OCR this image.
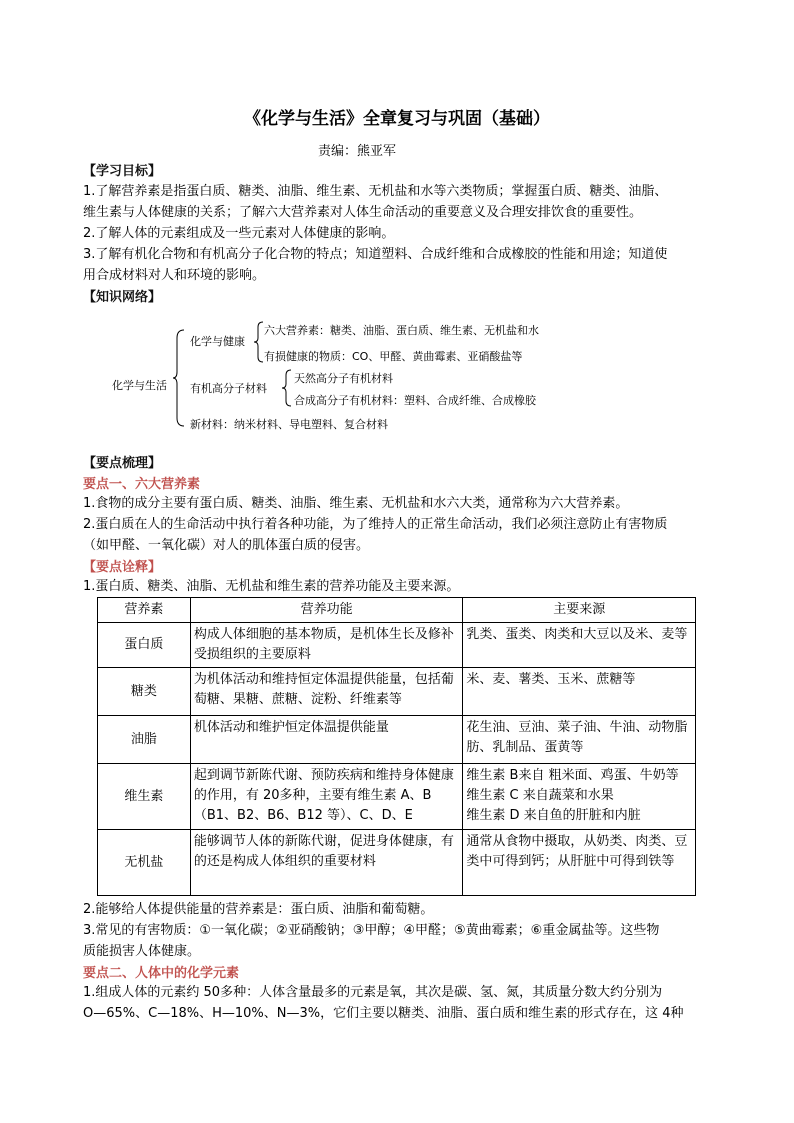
《化学与生活》全章复习与巩固（基础）
责编：熊亚军
【学习目标】
1.了解营养素是指蛋白质、糖类、油脂、维生素、无机盐和水等六类物质；掌握蛋白质、糖类、油脂、
维生素与人体健康的关系；了解六大营养素对人体生命活动的重要意义及合理安排饮食的重要性。
2.了解人体的元素组成及一些元素对人体健康的影响。
3.了解有机化合物和有机高分子化合物的特点；知道塑料、合成纤维和合成橡胶的性能和用途；知道使
用合成材料对人和环境的影响。
【知识网络】
化学与生活
化学与健康
六大营养素：糖类、油脂、蛋白质、维生素、无机盐和水
有损健康的物质：CO、甲醛、黄曲霉素、亚硝酸盐等
有机高分子材料
天然高分子有机材料
合成高分子有机材料：塑料、合成纤维、合成橡胶
新材料：纳米材料、导电塑料、复合材料
【要点梳理】
要点一、六大营养素
1.食物的成分主要有蛋白质、糖类、油脂、维生素、无机盐和水六大类，通常称为六大营养素。
2.蛋白质在人的生命活动中执行着各种功能，为了维持人的正常生命活动，我们必须注意防止有害物质
（如甲醛、一氧化碳）对人的肌体蛋白质的侵害。
【要点诠释】
1.蛋白质、糖类、油脂、无机盐和维生素的营养功能及主要来源。
营养素	营养功能	主要来源
蛋白质	构成人体细胞的基本物质，是机体生长及修补受损组织的主要原料	乳类、蛋类、肉类和大豆以及米、麦等
糖类	为机体活动和维持恒定体温提供能量，包括葡萄糖、果糖、蔗糖、淀粉、纤维素等	米、麦、薯类、玉米、蔗糖等
油脂	机体活动和维护恒定体温提供能量	花生油、豆油、菜子油、牛油、动物脂肪、乳制品、蛋黄等
维生素	起到调节新陈代谢、预防疾病和维持身体健康的作用，有 20多种，主要有维生素 A、B（B1、B2、B6、B12 等）、C、D、E	维生素 B来自 粗米面、鸡蛋、牛奶等
维生素 C 来自蔬菜和水果
维生素 D 来自鱼的肝脏和内脏

无机盐	能够调节人体的新陈代谢，促进身体健康，有的还是构成人体组织的重要材料	通常从食物中摄取，从奶类、肉类、豆类中可得到钙；从肝脏中可得到铁等
2.能够给人体提供能量的营养素是：蛋白质、油脂和葡萄糖。
3.常见的有害物质：①一氧化碳；②亚硝酸钠；③甲醇；④甲醛；⑤黄曲霉素；⑥重金属盐等。这些物
质能损害人体健康。
要点二、人体中的化学元素
1.组成人体的元素约 50多种：人体含量最多的元素是氧，其次是碳、氢、氮，其质量分数大约分别为
O—65%、C—18%、H—10%、N—3%，它们主要以糖类、油脂、蛋白质和维生素的形式存在，这 4种
